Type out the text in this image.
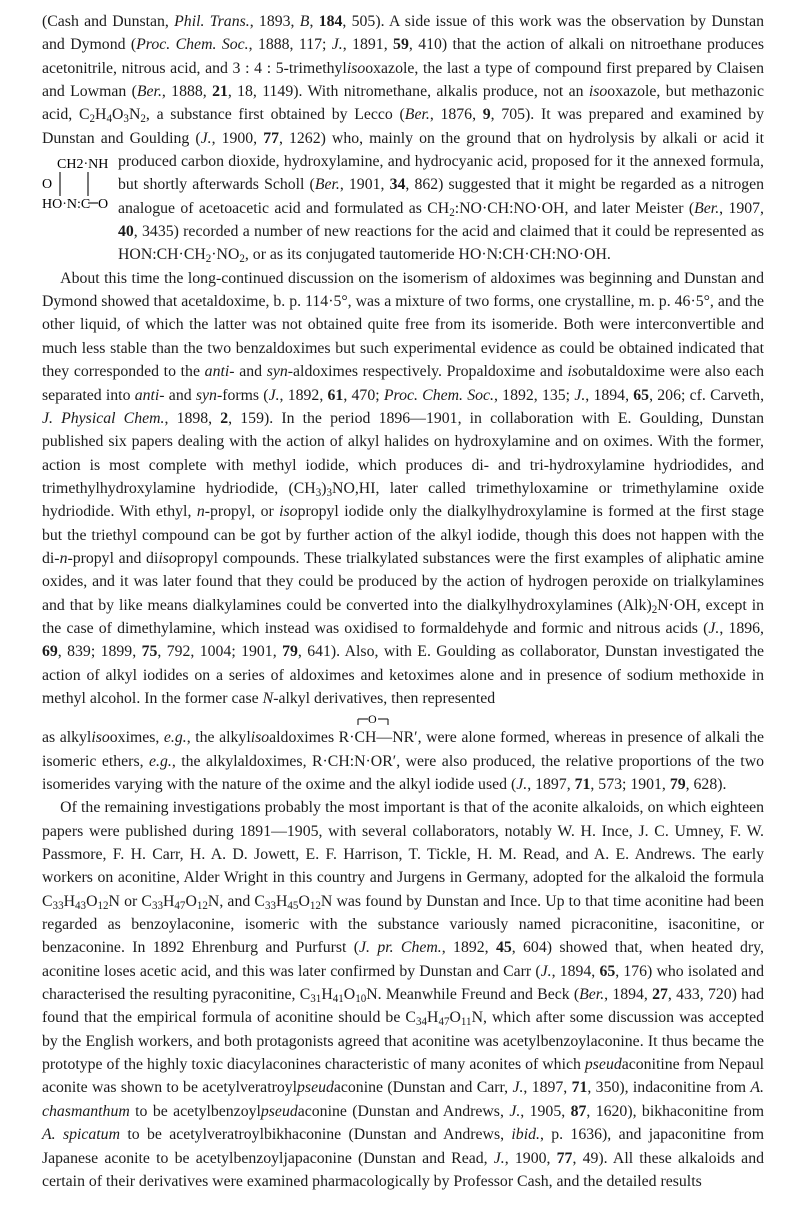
(Cash and Dunstan, Phil. Trans., 1893, B, 184, 505). A side issue of this work was the observation by Dunstan and Dymond (Proc. Chem. Soc., 1888, 117; J., 1891, 59, 410) that the action of alkali on nitroethane produces acetonitrile, nitrous acid, and 3 : 4 : 5-trimethylisooxazole, the last a type of compound first prepared by Claisen and Lowman (Ber., 1888, 21, 18, 1149). With nitromethane, alkalis produce, not an isooxazole, but methazonic acid, $C_2H_4O_3N_2$, a substance first obtained by Lecco (Ber., 1876, 9, 705). It was prepared and examined by Dunstan and Goulding (J., 1900, 77, 1262) who, mainly on the ground that on hydrolysis by alkali or acid it
CH2·NH
O
HO·N:C O
produced carbon dioxide, hydroxylamine, and hydrocyanic acid, proposed for it the annexed formula, but shortly afterwards Scholl (Ber., 1901, 34, 862) suggested that it might be regarded as a nitrogen analogue of acetoacetic acid and formulated as $CH_2:NO\cdot CH:NO\cdot OH$, and later Meister (Ber., 1907, 40, 3435) recorded a number of new reactions for the acid and claimed that it could be represented as $HON:CH\cdot CH_2\cdot NO_2$, or as its conjugated tautomeride HO·N:CH·CH:NO·OH.

About this time the long-continued discussion on the isomerism of aldoximes was beginning and Dunstan and Dymond showed that acetaldoxime, b. p. 114·5°, was a mixture of two forms, one crystalline, m. p. 46·5°, and the other liquid, of which the latter was not obtained quite free from its isomeride. Both were interconvertible and much less stable than the two benzaldoximes but such experimental evidence as could be obtained indicated that they corresponded to the anti- and syn-aldoximes respectively. Propaldoxime and isobutaldoxime were also each separated into anti- and syn-forms (J., 1892, 61, 470; Proc. Chem. Soc., 1892, 135; J., 1894, 65, 206; cf. Carveth, J. Physical Chem., 1898, 2, 159). In the period 1896—1901, in collaboration with E. Goulding, Dunstan published six papers dealing with the action of alkyl halides on hydroxylamine and on oximes. With the former, action is most complete with methyl iodide, which produces di- and tri-hydroxylamine hydriodides, and trimethylhydroxylamine hydriodide, $(CH_3)_3NO,HI$, later called trimethyloxamine or trimethylamine oxide hydriodide. With ethyl, n-propyl, or isopropyl iodide only the dialkylhydroxylamine is formed at the first stage but the triethyl compound can be got by further action of the alkyl iodide, though this does not happen with the di-n-propyl and diisopropyl compounds. These trialkylated substances were the first examples of aliphatic amine oxides, and it was later found that they could be produced by the action of hydrogen peroxide on trialkylamines and that by like means dialkylamines could be converted into the dialkylhydroxylamines $(Alk)_2N\cdot OH$, except in the case of dimethylamine, which instead was oxidised to formaldehyde and formic and nitrous acids (J., 1896, 69, 839; 1899, 75, 792, 1004; 1901, 79, 641). Also, with E. Goulding as collaborator, Dunstan investigated the action of alkyl iodides on a series of aldoximes and ketoximes alone and in presence of sodium methoxide in methyl alcohol. In the former case N-alkyl derivatives, then represented
O
as alkylisooximes, e.g., the alkylisoaldoximes R·CH—NR′, were alone formed, whereas in presence of alkali the isomeric ethers, e.g., the alkylaldoximes, R·CH:N·OR′, were also produced, the relative proportions of the two isomerides varying with the nature of the oxime and the alkyl iodide used (J., 1897, 71, 573; 1901, 79, 628).

Of the remaining investigations probably the most important is that of the aconite alkaloids, on which eighteen papers were published during 1891—1905, with several collaborators, notably W. H. Ince, J. C. Umney, F. W. Passmore, F. H. Carr, H. A. D. Jowett, E. F. Harrison, T. Tickle, H. M. Read, and A. E. Andrews. The early workers on aconitine, Alder Wright in this country and Jurgens in Germany, adopted for the alkaloid the formula $C_{33}H_{43}O_{12}N$ or $C_{33}H_{47}O_{12}N$, and $C_{33}H_{45}O_{12}N$ was found by Dunstan and Ince. Up to that time aconitine had been regarded as benzoylaconine, isomeric with the substance variously named picraconitine, isaconitine, or benzaconine. In 1892 Ehrenburg and Purfurst (J. pr. Chem., 1892, 45, 604) showed that, when heated dry, aconitine loses acetic acid, and this was later confirmed by Dunstan and Carr (J., 1894, 65, 176) who isolated and characterised the resulting pyraconitine, $C_{31}H_{41}O_{10}N$. Meanwhile Freund and Beck (Ber., 1894, 27, 433, 720) had found that the empirical formula of aconitine should be $C_{34}H_{47}O_{11}N$, which after some discussion was accepted by the English workers, and both protagonists agreed that aconitine was acetylbenzoylaconine. It thus became the prototype of the highly toxic diacylaconines characteristic of many aconites of which pseudaconitine from Nepaul aconite was shown to be acetylveratroylpseudaconine (Dunstan and Carr, J., 1897, 71, 350), indaconitine from A. chasmanthum to be acetylbenzoylpseudaconine (Dunstan and Andrews, J., 1905, 87, 1620), bikhaconitine from A. spicatum to be acetylveratroylbikhaconine (Dunstan and Andrews, ibid., p. 1636), and japaconitine from Japanese aconite to be acetylbenzoyljapaconine (Dunstan and Read, J., 1900, 77, 49). All these alkaloids and certain of their derivatives were examined pharmacologically by Professor Cash, and the detailed results
